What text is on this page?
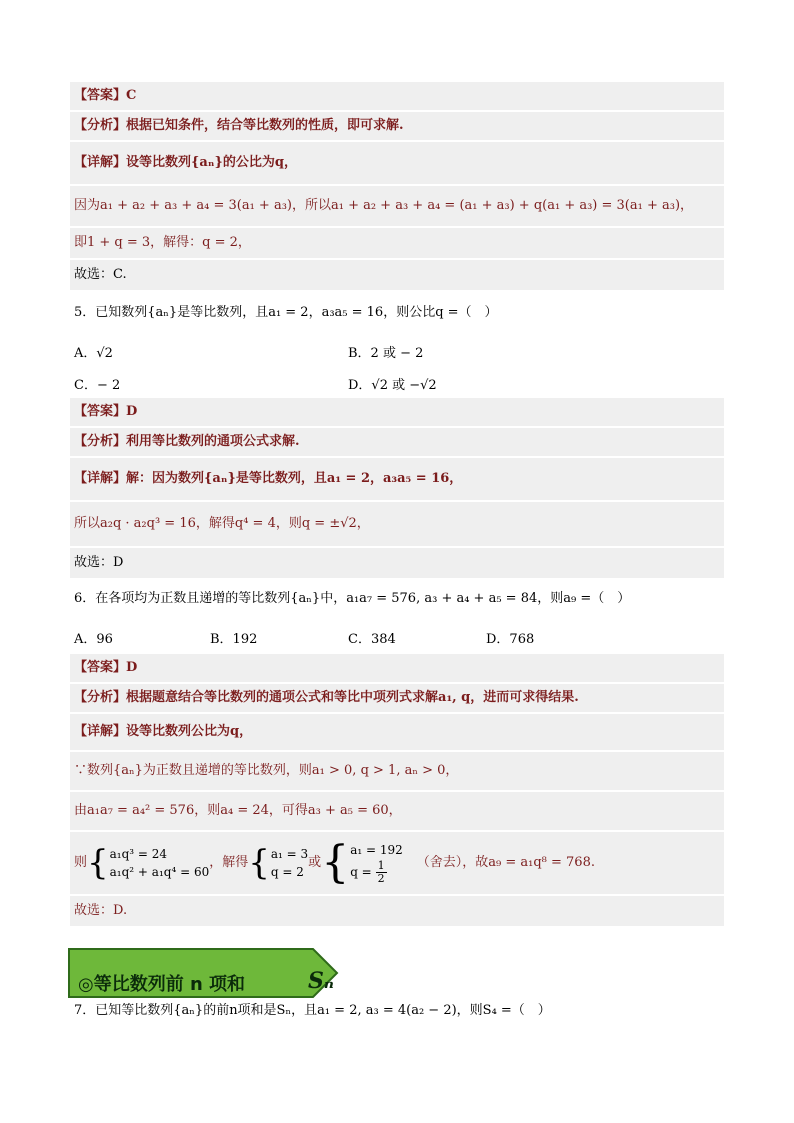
【答案】C
【分析】根据已知条件，结合等比数列的性质，即可求解.
【详解】设等比数列{aₙ}的公比为q，
因为a₁ + a₂ + a₃ + a₄ = 3(a₁ + a₃)，所以a₁ + a₂ + a₃ + a₄ = (a₁ + a₃) + q(a₁ + a₃) = 3(a₁ + a₃)，
即1 + q = 3，解得：q = 2，
故选：C.
5．已知数列{aₙ}是等比数列，且a₁ = 2，a₃a₅ = 16，则公比q =（　）
A．√2	B．2 或 − 2
C．− 2	D．√2 或 −√2
【答案】D
【分析】利用等比数列的通项公式求解.
【详解】解：因为数列{aₙ}是等比数列，且a₁ = 2，a₃a₅ = 16，
所以a₂q · a₂q³ = 16，解得q⁴ = 4，则q = ±√2，
故选：D
6．在各项均为正数且递增的等比数列{aₙ}中，a₁a₇ = 576, a₃ + a₄ + a₅ = 84，则a₉ =（　）
A．96	B．192	C．384	D．768
【答案】D
【分析】根据题意结合等比数列的通项公式和等比中项列式求解a₁, q，进而可求得结果.
【详解】设等比数列公比为q，
∵数列{aₙ}为正数且递增的等比数列，则a₁ > 0, q > 1, aₙ > 0，
由a₁a₇ = a₄² = 576，则a₄ = 24，可得a₃ + a₅ = 60，
则{ a₁q³ = 24
a₁q² + a₁q⁴ = 60
，解得{ a₁ = 3
q = 2
或{ a₁ = 192
$q = \frac{1}{2}$ （舍去），故a₉ = a₁q⁸ = 768.
故选：D.
◎等比数列前 n 项和	Sₙ
7．已知等比数列{aₙ}的前n项和是Sₙ，且a₁ = 2, a₃ = 4(a₂ − 2)，则S₄ =（　）
